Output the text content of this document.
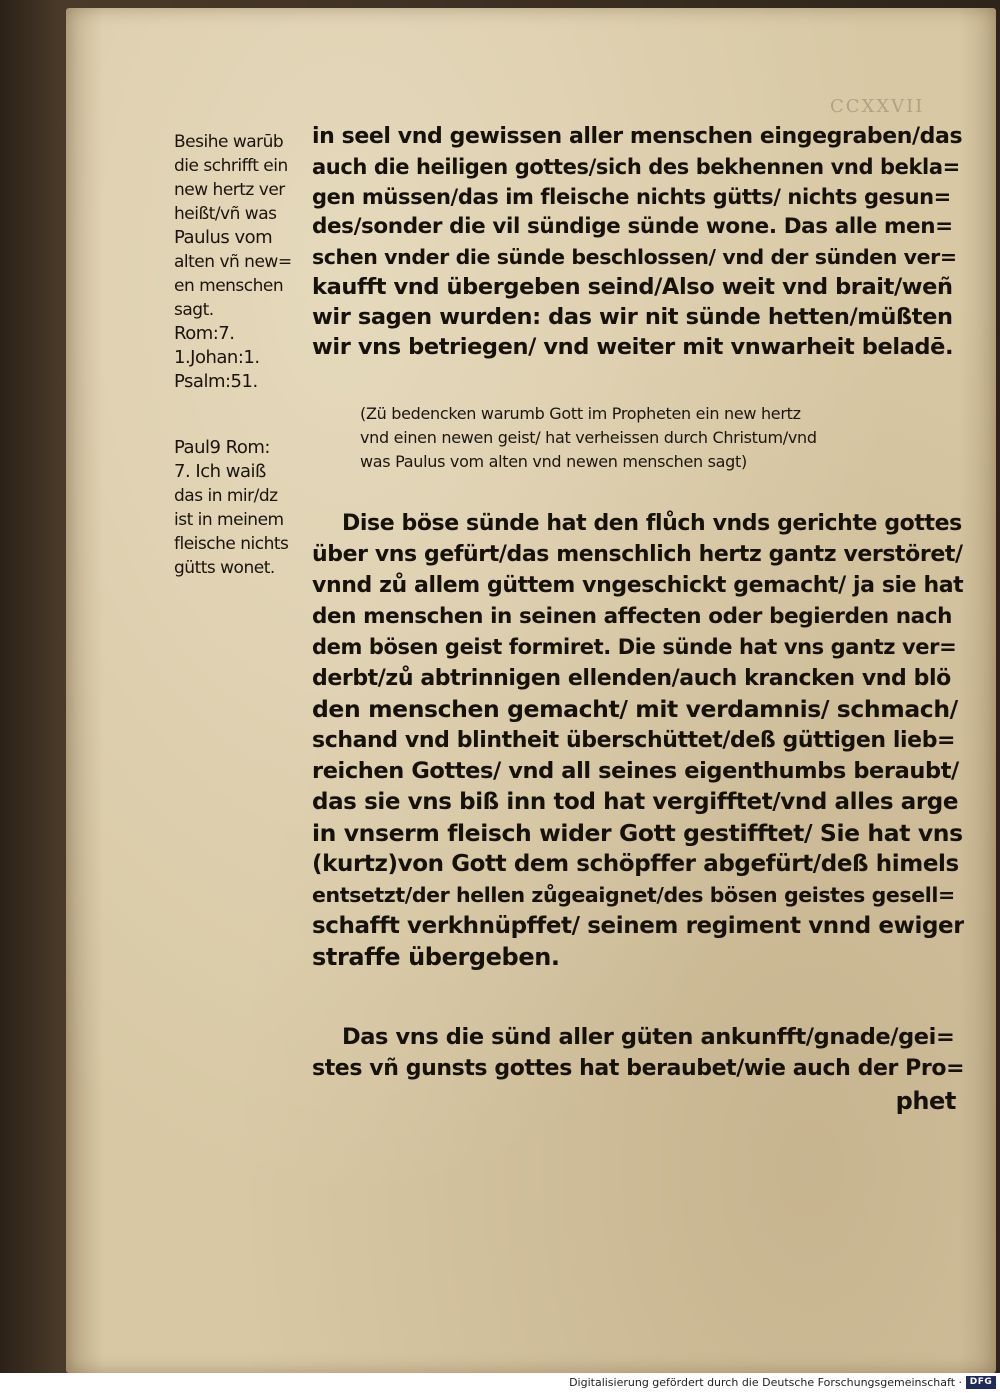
CCXXVII
Besihe warūb
die schrifft ein
new hertz ver
heißt/vñ was
Paulus vom
alten vñ new=
en menschen
sagt.
Rom:7.
1.Johan:1.
Psalm:51.
Paul9 Rom:
7. Ich waiß
das in mir/dz
ist in meinem
fleische nichts
gütts wonet.
in seel vnd gewissen aller menschen eingegraben/das
auch die heiligen gottes/sich des bekhennen vnd bekla=
gen müssen/das im fleische nichts gütts/ nichts gesun=
des/sonder die vil sündige sünde wone. Das alle men=
schen vnder die sünde beschlossen/ vnd der sünden ver=
kaufft vnd übergeben seind/Also weit vnd brait/weñ
wir sagen wurden: das wir nit sünde hetten/müßten
wir vns betriegen/ vnd weiter mit vnwarheit beladē.
(Zü bedencken warumb Gott im Propheten ein new hertz
vnd einen newen geist/ hat verheissen durch Christum/vnd
was Paulus vom alten vnd newen menschen sagt)
Dise böse sünde hat den flůch vnds gerichte gottes
über vns gefürt/das menschlich hertz gantz verstöret/
vnnd zů allem güttem vngeschickt gemacht/ ja sie hat
den menschen in seinen affecten oder begierden nach
dem bösen geist formiret. Die sünde hat vns gantz ver=
derbt/zů abtrinnigen ellenden/auch krancken vnd blö
den menschen gemacht/ mit verdamnis/ schmach/
schand vnd blintheit überschüttet/deß güttigen lieb=
reichen Gottes/ vnd all seines eigenthumbs beraubt/
das sie vns biß inn tod hat vergifftet/vnd alles arge
in vnserm fleisch wider Gott gestifftet/ Sie hat vns
(kurtz)von Gott dem schöpffer abgefürt/deß himels
entsetzt/der hellen zůgeaignet/des bösen geistes gesell=
schafft verkhnüpffet/ seinem regiment vnnd ewiger
straffe übergeben.
Das vns die sünd aller güten ankunfft/gnade/gei=
stes vñ gunsts gottes hat beraubet/wie auch der Pro=
phet
Digitalisierung gefördert durch die Deutsche Forschungsgemeinschaft · DFG
